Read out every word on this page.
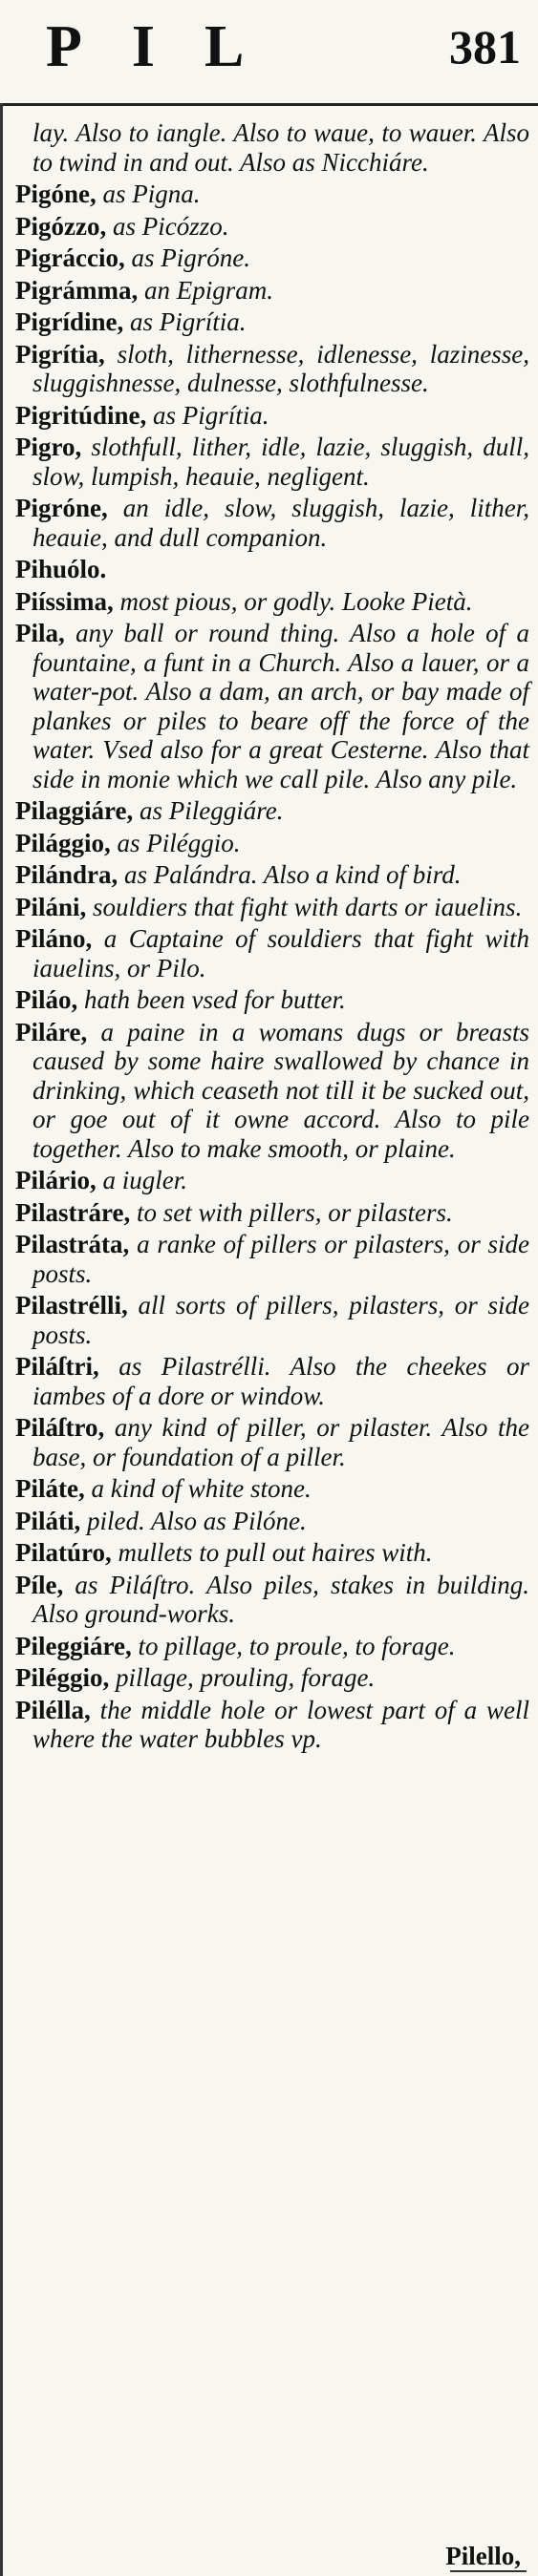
PIL	381

lay. Also to iangle. Also to waue, to wauer. Also to twind in and out. Also as Nicchiáre.

Pigóne, as Pigna.

Pigózzo, as Picózzo.

Pigráccio, as Pigróne.

Pigrámma, an Epigram.

Pigrídine, as Pigrítia.

Pigrítia, sloth, lithernesse, idlenesse, lazinesse, sluggishnesse, dulnesse, slothfulnesse.

Pigritúdine, as Pigrítia.

Pigro, slothfull, lither, idle, lazie, sluggish, dull, slow, lumpish, heauie, negligent.

Pigróne, an idle, slow, sluggish, lazie, lither, heauie, and dull companion.

Pihuólo.

Piíssima, most pious, or godly. Looke Pietà.

Pila, any ball or round thing. Also a hole of a fountaine, a funt in a Church. Also a lauer, or a water-pot. Also a dam, an arch, or bay made of plankes or piles to beare off the force of the water. Vsed also for a great Cesterne. Also that side in monie which we call pile. Also any pile.

Pilaggiáre, as Pileggiáre.

Pilággio, as Piléggio.

Pilándra, as Palándra. Also a kind of bird.

Piláni, souldiers that fight with darts or iauelins.

Piláno, a Captaine of souldiers that fight with iauelins, or Pilo.

Piláo, hath been vsed for butter.

Piláre, a paine in a womans dugs or breasts caused by some haire swallowed by chance in drinking, which ceaseth not till it be sucked out, or goe out of it owne accord. Also to pile together. Also to make smooth, or plaine.

Pilário, a iugler.

Pilastráre, to set with pillers, or pilasters.

Pilastráta, a ranke of pillers or pilasters, or side posts.

Pilastrélli, all sorts of pillers, pilasters, or side posts.

Piláſtri, as Pilastrélli. Also the cheekes or iambes of a dore or window.

Piláſtro, any kind of piller, or pilaster. Also the base, or foundation of a piller.

Piláte, a kind of white stone.

Piláti, piled. Also as Pilóne.

Pilatúro, mullets to pull out haires with.

Píle, as Piláſtro. Also piles, stakes in building. Also ground-works.

Pileggiáre, to pillage, to proule, to forage.

Piléggio, pillage, prouling, forage.

Pilélla, the middle hole or lowest part of a well where the water bubbles vp.

Pilello,
